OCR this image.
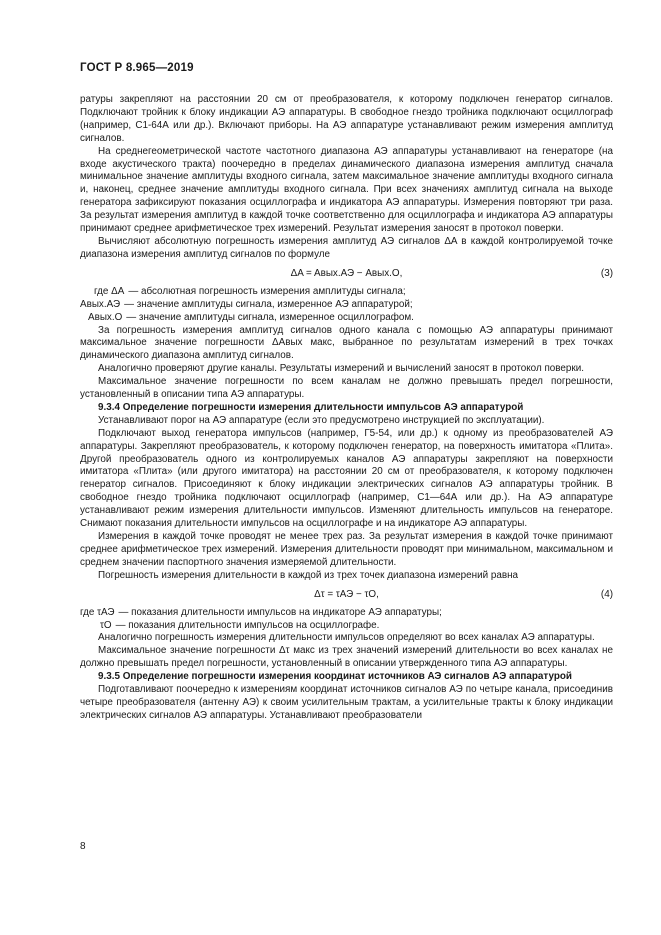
ГОСТ Р 8.965—2019

ратуры закрепляют на расстоянии 20 см от преобразователя, к которому подключен генератор сигналов. Подключают тройник к блоку индикации АЭ аппаратуры. В свободное гнездо тройника подключают осциллограф (например, С1-64А или др.). Включают приборы. На АЭ аппаратуре устанавливают режим измерения амплитуд сигналов.

На среднегеометрической частоте частотного диапазона АЭ аппаратуры устанавливают на генераторе (на входе акустического тракта) поочередно в пределах динамического диапазона измерения амплитуд сначала минимальное значение амплитуды входного сигнала, затем максимальное значение амплитуды входного сигнала и, наконец, среднее значение амплитуды входного сигнала. При всех значениях амплитуд сигнала на выходе генератора зафиксируют показания осциллографа и индикатора АЭ аппаратуры. Измерения повторяют три раза. За результат измерения амплитуд в каждой точке соответственно для осциллографа и индикатора АЭ аппаратуры принимают среднее арифметическое трех измерений. Результат измерения заносят в протокол поверки.

Вычисляют абсолютную погрешность измерения амплитуд АЭ сигналов ΔA в каждой контролируемой точке диапазона измерения амплитуд сигналов по формуле

ΔA = Aвых.АЭ − Aвых.О,	(3)
где ΔA — абсолютная погрешность измерения амплитуды сигнала;
Aвых.АЭ — значение амплитуды сигнала, измеренное АЭ аппаратурой;
Aвых.О — значение амплитуды сигнала, измеренное осциллографом.

За погрешность измерения амплитуд сигналов одного канала с помощью АЭ аппаратуры принимают максимальное значение погрешности ΔAвых макс, выбранное по результатам измерений в трех точках динамического диапазона амплитуд сигналов.

Аналогично проверяют другие каналы. Результаты измерений и вычислений заносят в протокол поверки.

Максимальное значение погрешности по всем каналам не должно превышать предел погрешности, установленный в описании типа АЭ аппаратуры.

9.3.4 Определение погрешности измерения длительности импульсов АЭ аппаратурой

Устанавливают порог на АЭ аппаратуре (если это предусмотрено инструкцией по эксплуатации).

Подключают выход генератора импульсов (например, Г5-54, или др.) к одному из преобразователей АЭ аппаратуры. Закрепляют преобразователь, к которому подключен генератор, на поверхность имитатора «Плита». Другой преобразователь одного из контролируемых каналов АЭ аппаратуры закрепляют на поверхности имитатора «Плита» (или другого имитатора) на расстоянии 20 см от преобразователя, к которому подключен генератор сигналов. Присоединяют к блоку индикации электрических сигналов АЭ аппаратуры тройник. В свободное гнездо тройника подключают осциллограф (например, С1—64А или др.). На АЭ аппаратуре устанавливают режим измерения длительности импульсов. Изменяют длительность импульсов на генераторе. Снимают показания длительности импульсов на осциллографе и на индикаторе АЭ аппаратуры.

Измерения в каждой точке проводят не менее трех раз. За результат измерения в каждой точке принимают среднее арифметическое трех измерений. Измерения длительности проводят при минимальном, максимальном и среднем значении паспортного значения измеряемой длительности.

Погрешность измерения длительности в каждой из трех точек диапазона измерений равна

Δτ = τАЭ − τО,	(4)
где τАЭ — показания длительности импульсов на индикаторе АЭ аппаратуры;
τО — показания длительности импульсов на осциллографе.

Аналогично погрешность измерения длительности импульсов определяют во всех каналах АЭ аппаратуры.

Максимальное значение погрешности Δτ макс из трех значений измерений длительности во всех каналах не должно превышать предел погрешности, установленный в описании утвержденного типа АЭ аппаратуры.

9.3.5 Определение погрешности измерения координат источников АЭ сигналов АЭ аппаратурой

Подготавливают поочередно к измерениям координат источников сигналов АЭ по четыре канала, присоединив четыре преобразователя (антенну АЭ) к своим усилительным трактам, а усилительные тракты к блоку индикации электрических сигналов АЭ аппаратуры. Устанавливают преобразователи

8
